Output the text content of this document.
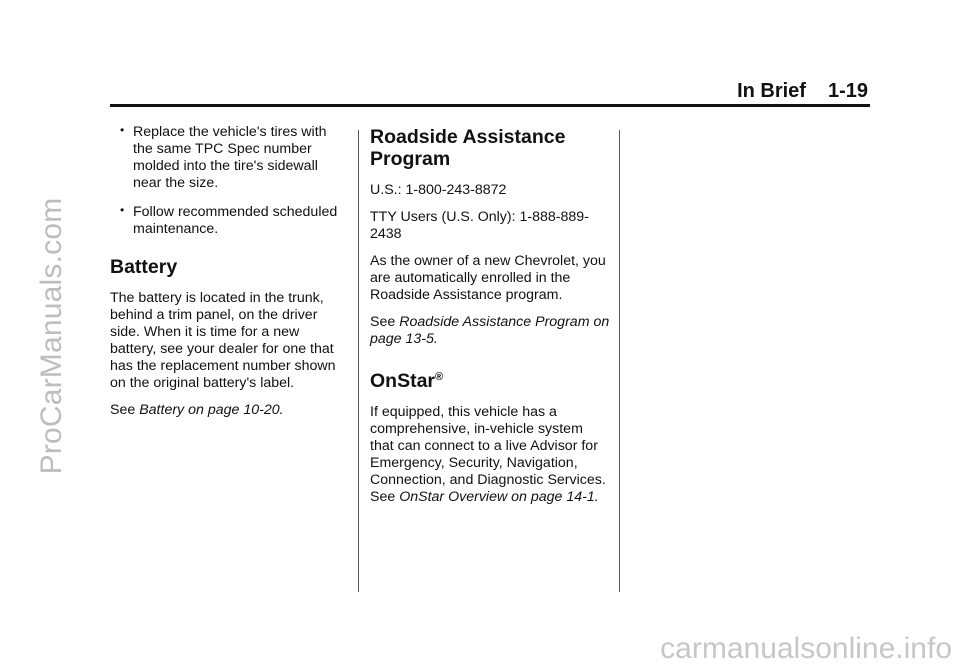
ProCarManuals.com
carmanualsonline.info
In Brief 1-19
• Replace the vehicle's tires with the same TPC Spec number molded into the tire's sidewall near the size.
• Follow recommended scheduled maintenance.
Battery

The battery is located in the trunk, behind a trim panel, on the driver side. When it is time for a new battery, see your dealer for one that has the replacement number shown on the original battery's label.

See Battery on page 10-20.

Roadside Assistance Program

U.S.: 1-800-243-8872

TTY Users (U.S. Only): 1-888-889-2438

As the owner of a new Chevrolet, you are automatically enrolled in the Roadside Assistance program.

See Roadside Assistance Program on page 13-5.

OnStar®

If equipped, this vehicle has a comprehensive, in-vehicle system that can connect to a live Advisor for Emergency, Security, Navigation, Connection, and Diagnostic Services. See OnStar Overview on page 14-1.
